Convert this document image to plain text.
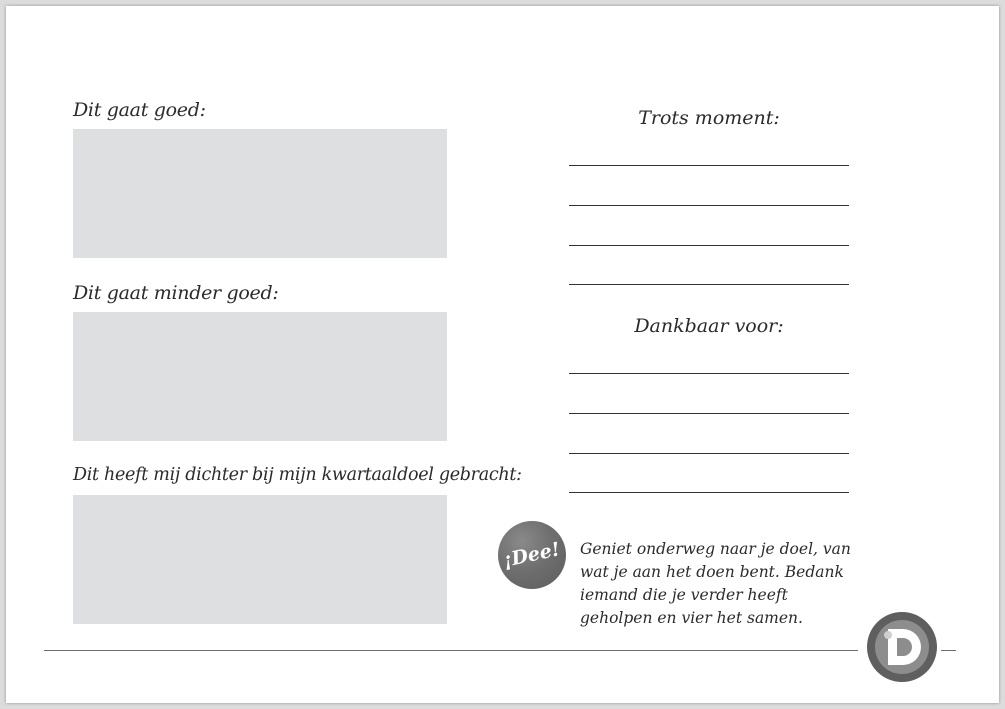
Dit gaat goed:
Dit gaat minder goed:
Dit heeft mij dichter bij mijn kwartaaldoel gebracht:
Trots moment:
Dankbaar voor:
¡Dee! Geniet onderweg naar je doel, van wat je aan het doen bent. Bedank iemand die je verder heeft geholpen en vier het samen.
